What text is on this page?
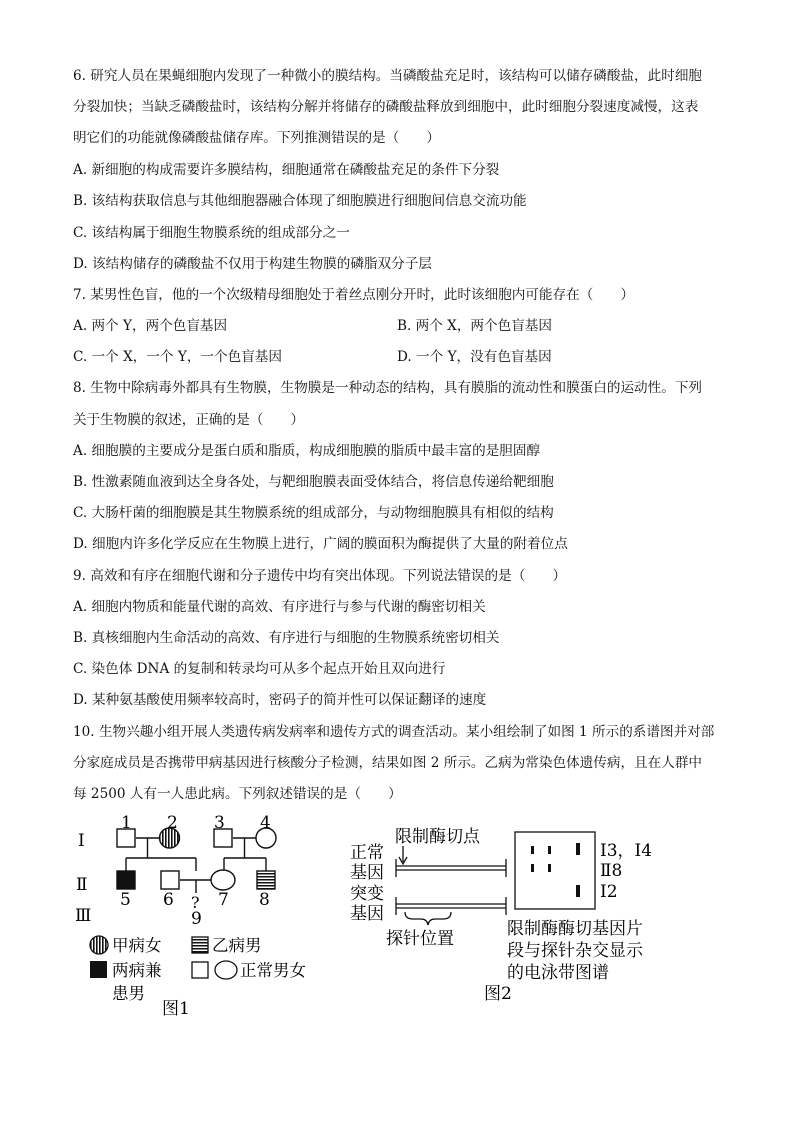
6. 研究人员在果蝇细胞内发现了一种微小的膜结构。当磷酸盐充足时，该结构可以储存磷酸盐，此时细胞
分裂加快；当缺乏磷酸盐时，该结构分解并将储存的磷酸盐释放到细胞中，此时细胞分裂速度减慢，这表
明它们的功能就像磷酸盐储存库。下列推测错误的是（　　）
A. 新细胞的构成需要许多膜结构，细胞通常在磷酸盐充足的条件下分裂
B. 该结构获取信息与其他细胞器融合体现了细胞膜进行细胞间信息交流功能
C. 该结构属于细胞生物膜系统的组成部分之一
D. 该结构储存的磷酸盐不仅用于构建生物膜的磷脂双分子层
7. 某男性色盲，他的一个次级精母细胞处于着丝点刚分开时，此时该细胞内可能存在（　　）
A. 两个 Y，两个色盲基因	B. 两个 X，两个色盲基因
C. 一个 X，一个 Y，一个色盲基因	D. 一个 Y，没有色盲基因
8. 生物中除病毒外都具有生物膜，生物膜是一种动态的结构，具有膜脂的流动性和膜蛋白的运动性。下列
关于生物膜的叙述，正确的是（　　）
A. 细胞膜的主要成分是蛋白质和脂质，构成细胞膜的脂质中最丰富的是胆固醇
B. 性激素随血液到达全身各处，与靶细胞膜表面受体结合，将信息传递给靶细胞
C. 大肠杆菌的细胞膜是其生物膜系统的组成部分，与动物细胞膜具有相似的结构
D. 细胞内许多化学反应在生物膜上进行，广阔的膜面积为酶提供了大量的附着位点
9. 高效和有序在细胞代谢和分子遗传中均有突出体现。下列说法错误的是（　　）
A. 细胞内物质和能量代谢的高效、有序进行与参与代谢的酶密切相关
B. 真核细胞内生命活动的高效、有序进行与细胞的生物膜系统密切相关
C. 染色体 DNA 的复制和转录均可从多个起点开始且双向进行
D. 某种氨基酸使用频率较高时，密码子的简并性可以保证翻译的速度
10. 生物兴趣小组开展人类遗传病发病率和遗传方式的调查活动。某小组绘制了如图 1 所示的系谱图并对部
分家庭成员是否携带甲病基因进行核酸分子检测，结果如图 2 所示。乙病为常染色体遗传病，且在人群中
每 2500 人有一人患此病。下列叙述错误的是（　　）
Ⅰ
Ⅱ
Ⅲ
1 2 3 4
5 6	7 8
?
9
甲病女	乙病男
两病兼
患男
正常男女
图1
限制酶切点
正常
基因
突变
基因
探针位置
Ⅰ3，Ⅰ4
Ⅱ8
Ⅰ2
限制酶酶切基因片
段与探针杂交显示
的电泳带图谱
图2
